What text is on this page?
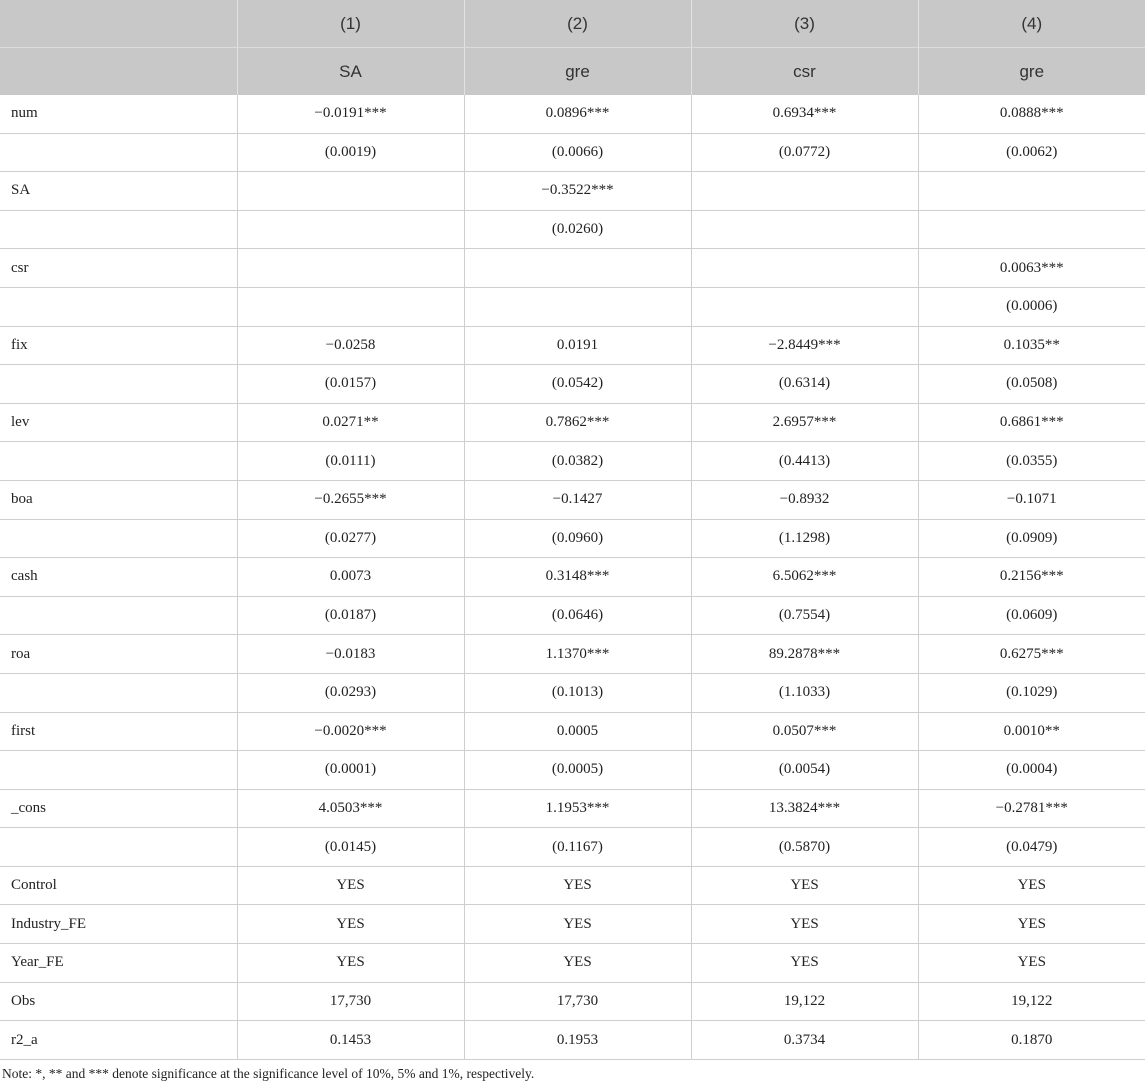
	(1)	(2)	(3)	(4)
	SA	gre	csr	gre
num	−0.0191***	0.0896***	0.6934***	0.0888***
	(0.0019)	(0.0066)	(0.0772)	(0.0062)
SA		−0.3522***		
		(0.0260)		
csr				0.0063***
				(0.0006)
fix	−0.0258	0.0191	−2.8449***	0.1035**
	(0.0157)	(0.0542)	(0.6314)	(0.0508)
lev	0.0271**	0.7862***	2.6957***	0.6861***
	(0.0111)	(0.0382)	(0.4413)	(0.0355)
boa	−0.2655***	−0.1427	−0.8932	−0.1071
	(0.0277)	(0.0960)	(1.1298)	(0.0909)
cash	0.0073	0.3148***	6.5062***	0.2156***
	(0.0187)	(0.0646)	(0.7554)	(0.0609)
roa	−0.0183	1.1370***	89.2878***	0.6275***
	(0.0293)	(0.1013)	(1.1033)	(0.1029)
first	−0.0020***	0.0005	0.0507***	0.0010**
	(0.0001)	(0.0005)	(0.0054)	(0.0004)
_cons	4.0503***	1.1953***	13.3824***	−0.2781***
	(0.0145)	(0.1167)	(0.5870)	(0.0479)
Control	YES	YES	YES	YES
Industry_FE	YES	YES	YES	YES
Year_FE	YES	YES	YES	YES
Obs	17,730	17,730	19,122	19,122
r2_a	0.1453	0.1953	0.3734	0.1870
Note: *, ** and *** denote significance at the significance level of 10%, 5% and 1%, respectively.
